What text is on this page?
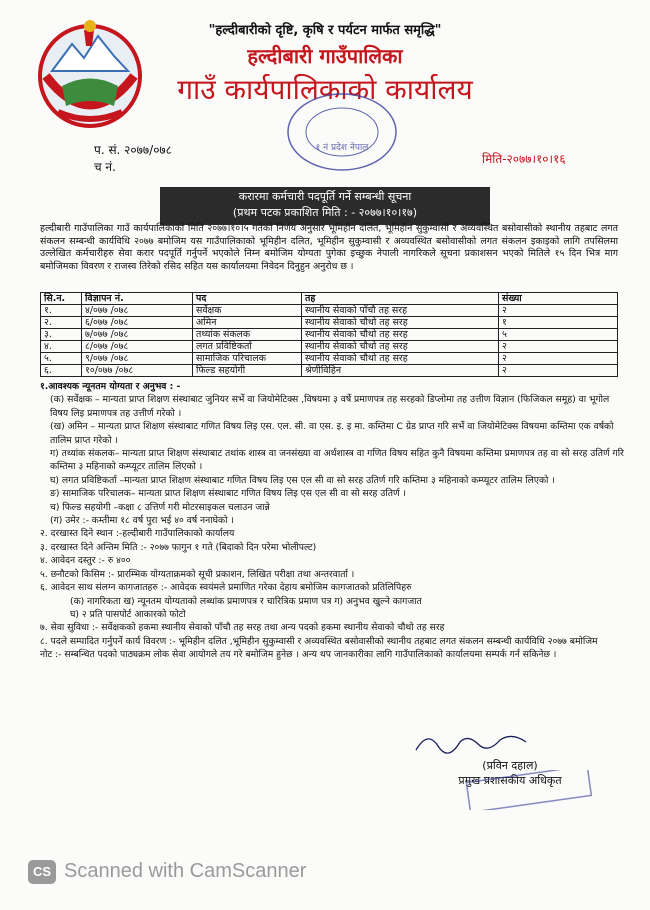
"हल्दीबारीको दृष्टि, कृषि र पर्यटन मार्फत समृद्धि"
हल्दीबारी गाउँपालिका
गाउँ कार्यपालिकाको कार्यालय
१ नं प्रदेश नेपाल
प. सं. २०७७/०७८
च नं.
मिति-२०७७।१०।१६
करारमा कर्मचारी पदपूर्ति गर्ने सम्बन्धी सूचना
(प्रथम पटक प्रकाशित मिति : - २०७७।१०।१७)
हल्दीबारी गाउँपालिका गाउँ कार्यपालिकाको मिति २०७७।१०।५ गतेको निर्णय अनुसार भूमिहीन दलित, भूमिहीन सुकुम्वासी र अव्यवस्थित बसोवासीको स्थानीय तहबाट लगत संकलन सम्बन्धी कार्यविधि २०७७ बमोजिम यस गाउँपालिकाको भूमिहीन दलित, भूमिहीन सुकुम्वासी र अव्यवस्थित बसोवासीको लगत संकलन इकाइको लागि तपसिलमा उल्लेखित कर्मचारीहरु सेवा करार पदपूर्ति गर्नुपर्ने भएकोले निम्न बमोजिम योग्यता पुगेका इच्छुक नेपाली नागरिकले सूचना प्रकाशसन भएको मितिले १५ दिन भित्र माग बमोजिमका विवरण र राजस्व तिरेको रसिद सहित यस कार्यालयमा निवेदन दिनुहुन अनुरोध छ ।
सि.न.	विज्ञापन नं.	पद	तह	संख्या
१.	४/०७७ /०७८	सर्वेक्षक	स्थानीय सेवाको पाँचौ तह सरह	२
२.	६/०७७ /०७८	अमिन	स्थानीय सेवाको चौथो तह सरह	१
३.	७/०७७ /०७८	तथ्यांक संकलक	स्थानीय सेवाको चौथो तह सरह	५
४.	८/०७७ /०७८	लगत प्रविष्टिकर्ता	स्थानीय सेवाको चौथो तह सरह	२
५.	९/०७७ /०७८	सामाजिक परिचालक	स्थानीय सेवाको चौथो तह सरह	२
६.	१०/०७७ /०७८	फिल्ड सहयोगी	श्रेणीविहिन	२

१.आवश्यक न्यूनतम योग्यता र अनुभव : -

(क) सर्वेक्षक – मान्यता प्राप्त शिक्षण संस्थाबाट जुनियर सर्भे वा जियोमेटिक्स ,विषयमा ३ वर्षे प्रमाणपत्र तह सरहको डिप्लोमा तह उत्तीण विज्ञान (फिजिकल समूह) वा भूगोल विषय लिइ प्रमाणपत्र तह उत्तीर्ण गरेको ।

(ख) अमिन – मान्यता प्राप्त शिक्षण संस्थाबाट गणित विषय लिइ एस. एल. सी. वा एस. इ. इ मा. कम्तिमा C ग्रेड प्राप्त गरि सर्भे वा जियोमेटिक्स विषयमा कम्तिमा एक वर्षको तालिम प्राप्त गरेको ।

ग) तथ्यांक संकलक– मान्यता प्राप्त शिक्षण संस्थाबाट तथांक शास्त्र वा जनसंख्या वा अर्थशास्त्र वा गणित विषय सहित कुनै विषयमा कम्तिमा प्रमाणपत्र तह वा सो सरह उतिर्ण गरि कम्तिमा ३ महिनाको कम्प्यूटर तालिम लिएको ।

घ) लगत प्रविष्टिकर्ता –मान्यता प्राप्त शिक्षण संस्थाबाट गणित विषय लिइ एस एल सी वा सो सरह उतिर्ण गरि कम्तिमा ३ महिनाको कम्प्यूटर तालिम लिएको ।

ङ) सामाजिक परिचालक– मान्यता प्राप्त शिक्षण संस्थाबाट गणित विषय लिइ एस एल सी वा सो सरह उतिर्ण ।

च) फिल्ड सहयोगी –कक्षा ८ उत्तिर्ण गरी मोटरसाइकल चलाउन जान्ने

(ग) उमेर :- कम्तीमा १८ वर्ष पुरा भई ४० वर्ष ननाघेको ।

२. दरखास्त दिने स्थान :-हल्दीबारी गाउँपालिकाको कार्यालय

३. दरखास्त दिने अन्तिम मिति :- २०७७ फागुन १ गते (बिदाको दिन परेमा भोलीपल्ट)

४. आवेदन दस्तुर :- रु ४००

५. छनौटको किसिम :- प्रारम्भिक योग्यताक्रमको सूची प्रकाशन, लिखित परीक्षा तथा अन्तरवार्ता ।

६. आवेदन साथ संलग्न कागजातहरु :- आवेदक स्वयंमले प्रमाणित गरेका देहाय बमोजिम कागजातको प्रतिलिपिहरु

(क) नागरिकता ख) न्यूनतम योग्यताको लब्धांक प्रमाणपत्र र चारित्रिक प्रमाण पत्र ग) अनुभव खुल्ने कागजात

घ) २ प्रति पासपोर्ट आकारको फोटो

७. सेवा सुविधा :- सर्वेक्षकको हकमा स्थानीय सेवाको पाँचौ तह सरह तथा अन्य पदको हकमा स्थानीय सेवाको चौथो तह सरह

८. पदले सम्पादित गर्नुपर्ने कार्य विवरण :- भूमिहीन दलित ,भूमिहीन सुकुम्वासी र अव्यवस्थित बसोवासीको स्थानीय तहबाट लगत संकलन सम्बन्धी कार्यविधि २०७७ बमोजिम

नोट :- सम्बन्धित पदको पाठ्यक्रम लोक सेवा आयोगले तय गरे बमोजिम हुनेछ । अन्य थप जानकारीका लागि गाउँपालिकाको कार्यालयमा सम्पर्क गर्न सकिनेछ ।

(प्रविन दहाल)
प्रमुख प्रशासकीय अधिकृत
CS Scanned with CamScanner
